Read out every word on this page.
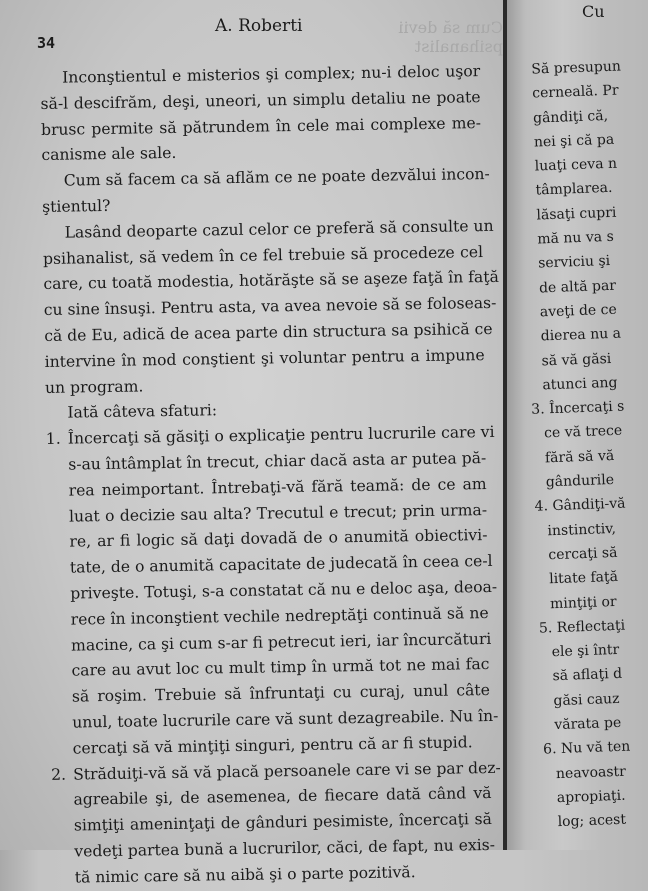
Cum să devii psihanalist
A. Roberti
34
Inconştientul e misterios şi complex; nu-i deloc uşor
să-l descifrăm, deşi, uneori, un simplu detaliu ne poate
brusc permite să pătrundem în cele mai complexe me-
canisme ale sale.
Cum să facem ca să aflăm ce ne poate dezvălui incon-
ştientul?
Lasând deoparte cazul celor ce preferă să consulte un
psihanalist, să vedem în ce fel trebuie să procedeze cel
care, cu toată modestia, hotărăşte să se aşeze faţă în faţă
cu sine însuşi. Pentru asta, va avea nevoie să se foloseas-
că de Eu, adică de acea parte din structura sa psihică ce
intervine în mod conştient şi voluntar pentru a impune
un program.
Iată câteva sfaturi:
1. Încercaţi să găsiţi o explicaţie pentru lucrurile care vi
s-au întâmplat în trecut, chiar dacă asta ar putea pă-
rea neimportant. Întrebaţi-vă fără teamă: de ce am
luat o decizie sau alta? Trecutul e trecut; prin urma-
re, ar fi logic să daţi dovadă de o anumită obiectivi-
tate, de o anumită capacitate de judecată în ceea ce-l
priveşte. Totuşi, s-a constatat că nu e deloc aşa, deoa-
rece în inconştient vechile nedreptăţi continuă să ne
macine, ca şi cum s-ar fi petrecut ieri, iar încurcături
care au avut loc cu mult timp în urmă tot ne mai fac
să roşim. Trebuie să înfruntaţi cu curaj, unul câte
unul, toate lucrurile care vă sunt dezagreabile. Nu în-
cercaţi să vă minţiţi singuri, pentru că ar fi stupid.
2. Străduiţi-vă să vă placă persoanele care vi se par dez-
agreabile şi, de asemenea, de fiecare dată când vă
simţiţi ameninţaţi de gânduri pesimiste, încercaţi să
vedeţi partea bună a lucrurilor, căci, de fapt, nu exis-
tă nimic care să nu aibă şi o parte pozitivă.
Cu
Să presupun
cerneală. Pr
gândiţi că,
nei şi că pa
luaţi ceva n
tâmplarea.
lăsaţi cupri
mă nu va s
serviciu şi
de altă par
aveţi de ce
dierea nu a
să vă găsi
atunci ang
3. Încercaţi s
ce vă trece
fără să vă
gândurile
4. Gândiţi-vă
instinctiv,
cercaţi să
litate faţă
minţiţi or
5. Reflectaţi
ele şi într
să aflaţi d
găsi cauz
vărata pe
6. Nu vă ten
neavoastr
apropiaţi.
log; acest
